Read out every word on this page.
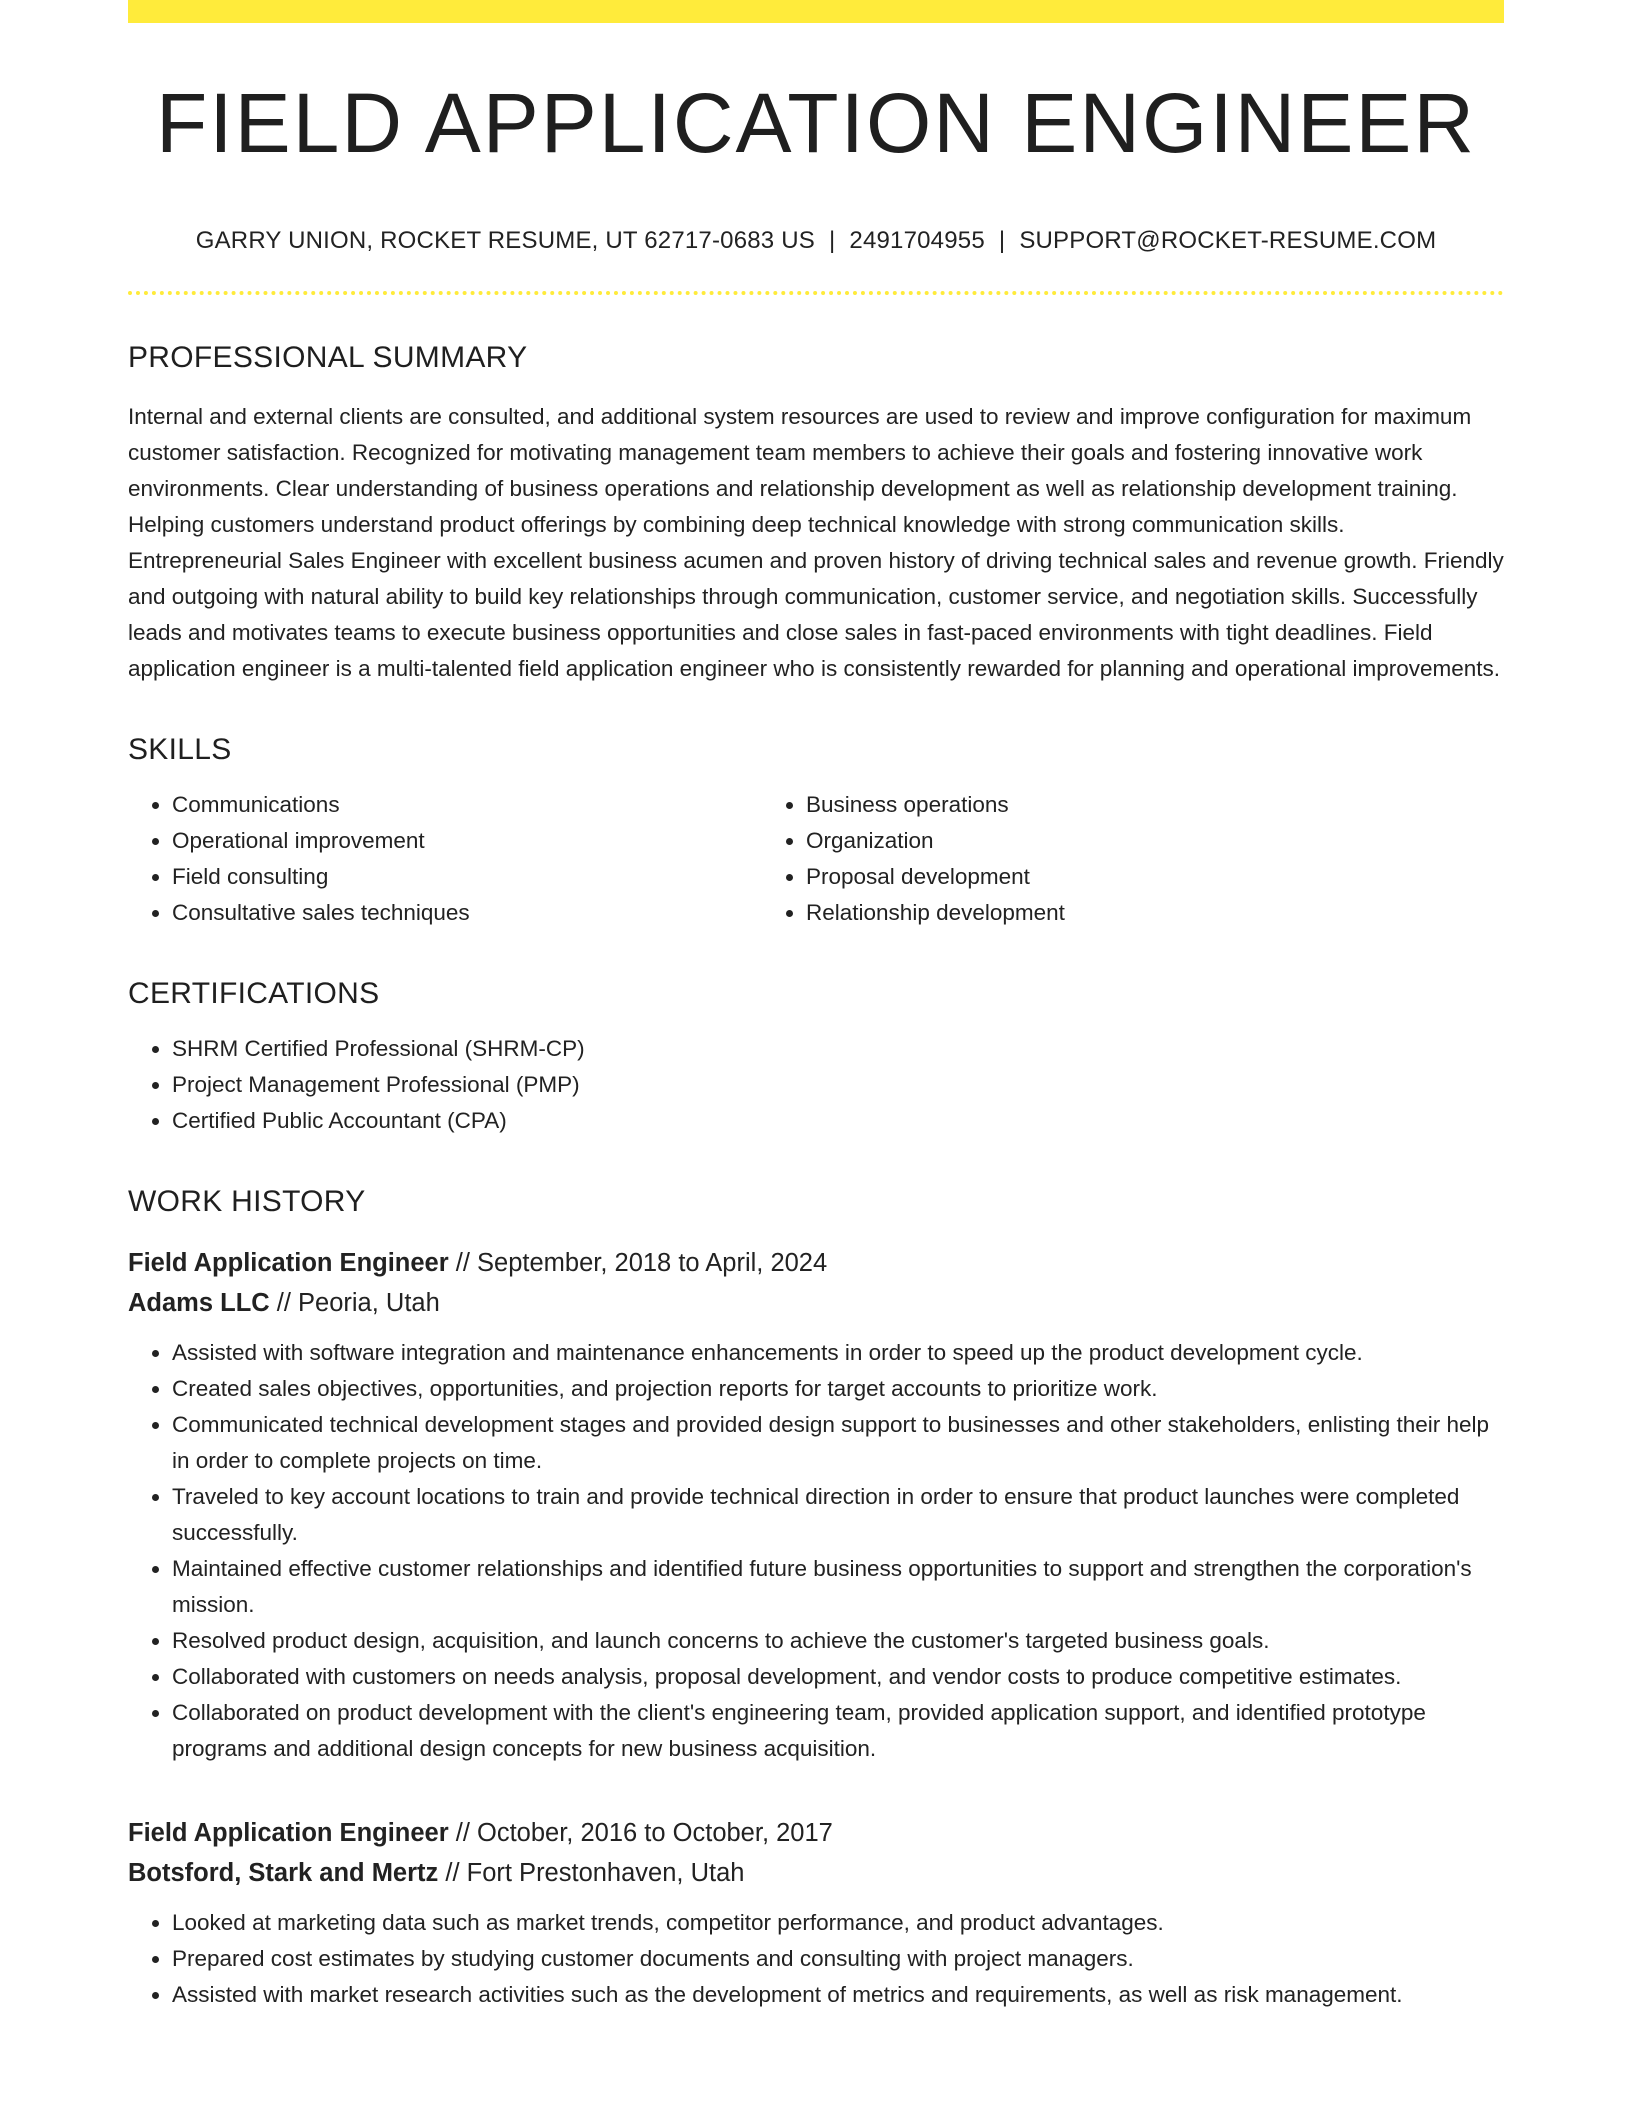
FIELD APPLICATION ENGINEER
GARRY UNION, ROCKET RESUME, UT 62717-0683 US | 2491704955 | SUPPORT@ROCKET-RESUME.COM
PROFESSIONAL SUMMARY

Internal and external clients are consulted, and additional system resources are used to review and improve configuration for maximum customer satisfaction. Recognized for motivating management team members to achieve their goals and fostering innovative work environments. Clear understanding of business operations and relationship development as well as relationship development training. Helping customers understand product offerings by combining deep technical knowledge with strong communication skills. Entrepreneurial Sales Engineer with excellent business acumen and proven history of driving technical sales and revenue growth. Friendly and outgoing with natural ability to build key relationships through communication, customer service, and negotiation skills. Successfully leads and motivates teams to execute business opportunities and close sales in fast-paced environments with tight deadlines. Field application engineer is a multi-talented field application engineer who is consistently rewarded for planning and operational improvements.

SKILLS
• Communications
• Operational improvement
• Field consulting
• Consultative sales techniques
• Business operations
• Organization
• Proposal development
• Relationship development
CERTIFICATIONS
• SHRM Certified Professional (SHRM-CP)
• Project Management Professional (PMP)
• Certified Public Accountant (CPA)
WORK HISTORY
Field Application Engineer // September, 2018 to April, 2024
Adams LLC // Peoria, Utah
• Assisted with software integration and maintenance enhancements in order to speed up the product development cycle.
• Created sales objectives, opportunities, and projection reports for target accounts to prioritize work.
• Communicated technical development stages and provided design support to businesses and other stakeholders, enlisting their help in order to complete projects on time.
• Traveled to key account locations to train and provide technical direction in order to ensure that product launches were completed successfully.
• Maintained effective customer relationships and identified future business opportunities to support and strengthen the corporation's mission.
• Resolved product design, acquisition, and launch concerns to achieve the customer's targeted business goals.
• Collaborated with customers on needs analysis, proposal development, and vendor costs to produce competitive estimates.
• Collaborated on product development with the client's engineering team, provided application support, and identified prototype programs and additional design concepts for new business acquisition.
Field Application Engineer // October, 2016 to October, 2017
Botsford, Stark and Mertz // Fort Prestonhaven, Utah
• Looked at marketing data such as market trends, competitor performance, and product advantages.
• Prepared cost estimates by studying customer documents and consulting with project managers.
• Assisted with market research activities such as the development of metrics and requirements, as well as risk management.
